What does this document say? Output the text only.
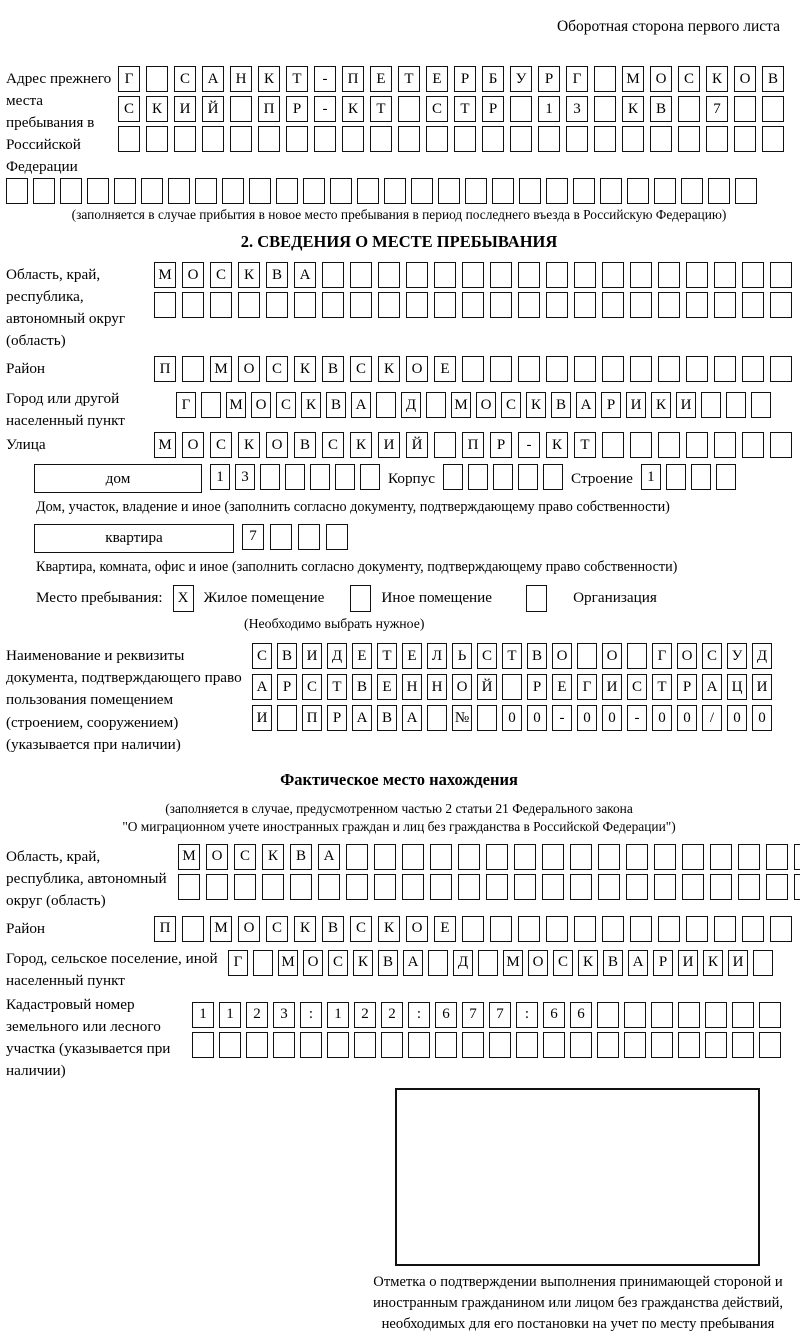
Оборотная сторона первого листа
Адрес прежнего места пребывания в Российской Федерации
Г	С	А	Н	К	Т	-	П	Е	Т	Е	Р	Б	У	Р	Г	М	О	С	К	О	В
С	К	И	Й	П	Р	-	К	Т	С	Т	Р	1	3	К	В	7
(заполняется в случае прибытия в новое место пребывания в период последнего въезда в Российскую Федерацию)
2. СВЕДЕНИЯ О МЕСТЕ ПРЕБЫВАНИЯ
Область, край, республика, автономный округ (область)
М	О	С	К	В	А
Район	П	М	О	С	К	В	С	К	О	Е
Город или другой населенный пункт
Г	М О С К В А	Д	М О С К В А	Р	И К И
Улица	М	О	С	К	О	В	С	К	И	Й	П	Р	-	К	Т
дом	1	3	Корпус	Строение 1
Дом, участок, владение и иное (заполнить согласно документу, подтверждающему право собственности)
квартира	7
Квартира, комната, офис и иное (заполнить согласно документу, подтверждающему право собственности)
Место пребывания:	X Жилое помещение	Иное помещение	Организация
(Необходимо выбрать нужное)
Наименование и реквизиты документа, подтверждающего право пользования помещением (строением, сооружением) (указывается при наличии)
С В И Д	Е	Т	Е	Л	Ь	С	Т	В О	О	Г	О С У Д
А	Р	С	Т	В	Е	Н Н О Й	Р	Е	Г	И С	Т	Р	А Ц И
И	П	Р	А В А	№	0	0	-	0	0	-	0	0	/	0	0
Фактическое место нахождения
(заполняется в случае, предусмотренном частью 2 статьи 21 Федерального закона
"О миграционном учете иностранных граждан и лиц без гражданства в Российской Федерации")
Область, край, республика, автономный округ (область)
М	О	С	К	В	А
Район	П	М	О	С	К	В	С	К	О	Е
Город, сельское поселение, иной населенный пункт
Г	М О С К В А	Д	М О С К В А	Р	И К И
Кадастровый номер земельного или лесного участка (указывается при наличии)
1	1	2	3	:	1	2	2	:	6	7	7	:	6	6
Отметка о подтверждении выполнения принимающей стороной и иностранным гражданином или лицом без гражданства действий, необходимых для его постановки на учет по месту пребывания
